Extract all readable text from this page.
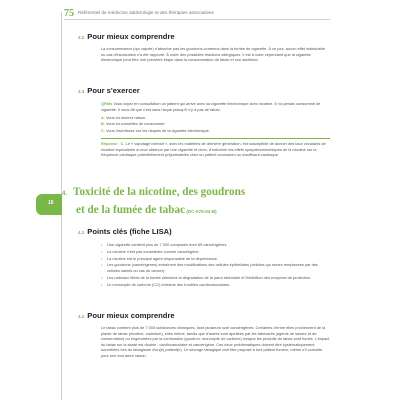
75 Référentiel de médecine addictologie et des thérapies associatives
16
3.2 Pour mieux comprendre

La consommateur (qui vapote) n'absorbe pas les goudrons contenus dans la fumée de cigarette. À ce jour, aucun effet indésirable ou cas d'intoxication n'a été rapporté. À noter des possibles réactions allergiques. Il est à noter cependant que la cigarette électronique peut être une première étape dans la consommation de tabac et son addiction.

3.3 Pour s'exercer

QRMs Vous voyez en consultation un patient qui arrive avec sa cigarette électronique avec nicotine. Il n'a jamais consommé de cigarette. Il vous dit que c'est sans risque puisqu'il n'y a pas de tabac.

A. Vous lui donnez raison.

B. Vous lui conseillez de consommer.

C. Vous l'avertissez sur les risques de la cigarette électronique.

Réponse : C. Le « vapotage intensif », avec les matériels de dernière génération, est susceptible de donner des taux circulants de nicotine équivalents à ceux obtenus par une cigarette et donc, d'entraîner les effets sympathomimétiques de la nicotine sur la fréquence cardiaque potentiellement préjudiciables chez un patient coronarien ou insuffisant cardiaque.

4. Toxicité de la nicotine, des goudrons
et de la fumée de tabac (DC-075-04-B)
4.1 Points clés (fiche LISA)
• Une cigarette contient plus de 7 000 composés dont 69 cancérigènes.
• La nicotine n'est pas considérée comme cancérigène.
• La nicotine est le principal agent responsable de la dépendance.
• Les goudrons (cancérigènes) entraînent des modifications des cellules épithéliales (cellules qui seront remplacées par des cellules saines ou cas de cancer).
• Les radicaux libres de la fumée stimulent la dégradation de la paroi alvéolaire et l'inhibition des enzymes de protection.
• Le monoxyde de carbone (CO) entraîne des troubles cardiovasculaires.
4.2 Pour mieux comprendre

Le tabac contient plus de 7 000 substances chimiques, dont plusieurs sont cancérigènes. Certaines d'entre elles proviennent de la plante de tabac (nicotine, cadmium), elles même, tandis que d'autres sont ajoutées par les fabricants (agents de saveur et de conservation) ou engendrées par la combustion (goudron, monoxyde de carbone) lorsque les produits du tabac sont fumés. L'impact du tabac sur la santé est double : cardiovasculaire et cancérigène. Ces deux problématiques doivent être systématiquement surveillées lors du tabagisme d'un(e) patient(e). Le sevrage tabagique doit être proposé à tout patient fumeur, même s'il consulte pour une tout autre raison.
